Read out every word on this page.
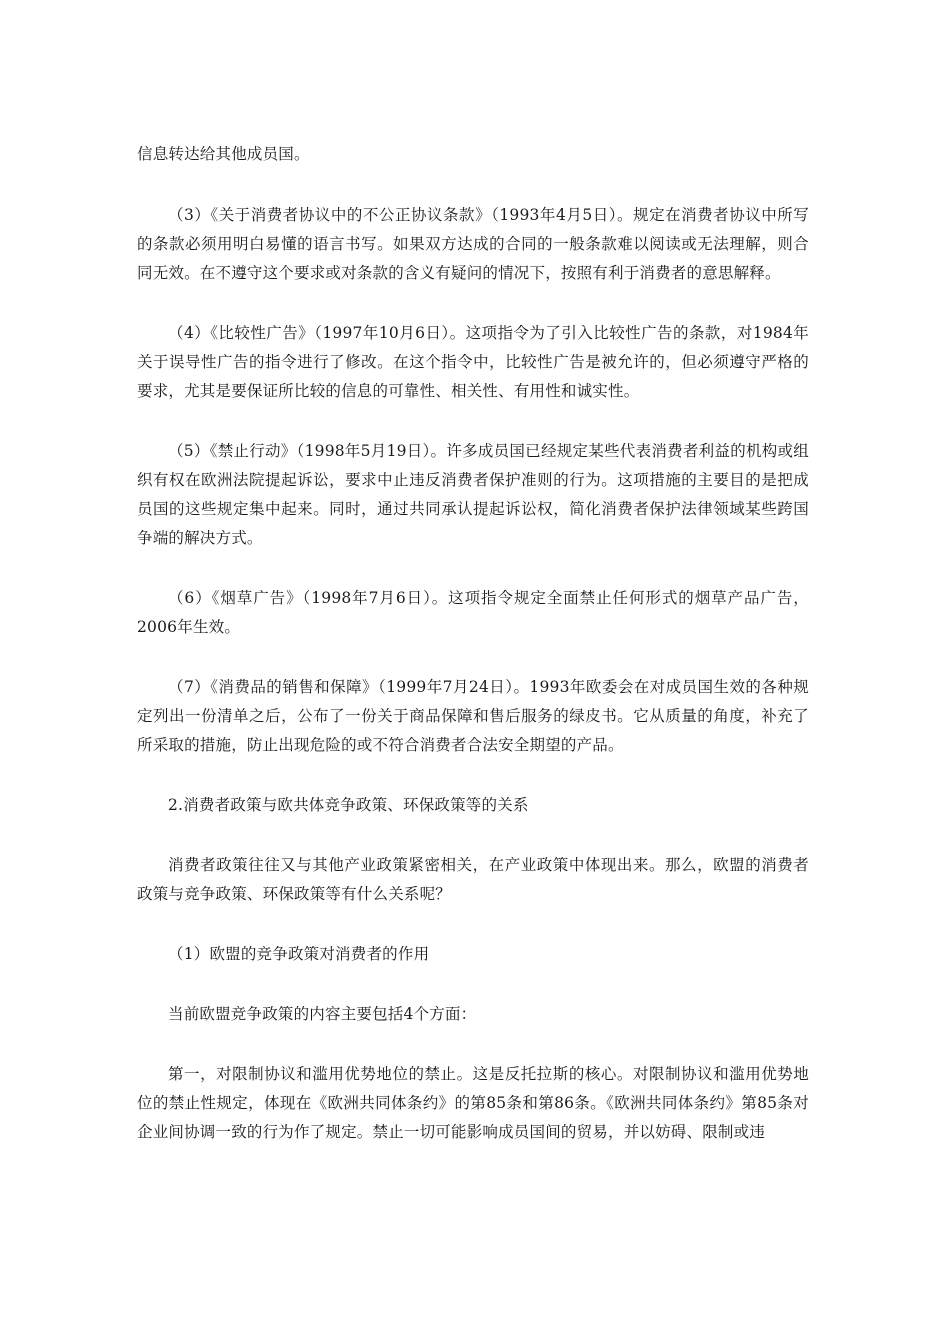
信息转达给其他成员国。

（3）《关于消费者协议中的不公正协议条款》（1993年4月5日）。规定在消费者协议中所写的条款必须用明白易懂的语言书写。如果双方达成的合同的一般条款难以阅读或无法理解，则合同无效。在不遵守这个要求或对条款的含义有疑问的情况下，按照有利于消费者的意思解释。

（4）《比较性广告》（1997年10月6日）。这项指令为了引入比较性广告的条款，对1984年关于误导性广告的指令进行了修改。在这个指令中，比较性广告是被允许的，但必须遵守严格的要求，尤其是要保证所比较的信息的可靠性、相关性、有用性和诚实性。

（5）《禁止行动》（1998年5月19日）。许多成员国已经规定某些代表消费者利益的机构或组织有权在欧洲法院提起诉讼，要求中止违反消费者保护准则的行为。这项措施的主要目的是把成员国的这些规定集中起来。同时，通过共同承认提起诉讼权，简化消费者保护法律领域某些跨国争端的解决方式。

（6）《烟草广告》（1998年7月6日）。这项指令规定全面禁止任何形式的烟草产品广告，2006年生效。

（7）《消费品的销售和保障》（1999年7月24日）。1993年欧委会在对成员国生效的各种规定列出一份清单之后，公布了一份关于商品保障和售后服务的绿皮书。它从质量的角度，补充了所采取的措施，防止出现危险的或不符合消费者合法安全期望的产品。

2.消费者政策与欧共体竞争政策、环保政策等的关系

消费者政策往往又与其他产业政策紧密相关，在产业政策中体现出来。那么，欧盟的消费者政策与竞争政策、环保政策等有什么关系呢？

（1）欧盟的竞争政策对消费者的作用

当前欧盟竞争政策的内容主要包括4个方面：

第一，对限制协议和滥用优势地位的禁止。这是反托拉斯的核心。对限制协议和滥用优势地位的禁止性规定，体现在《欧洲共同体条约》的第85条和第86条。《欧洲共同体条约》第85条对企业间协调一致的行为作了规定。禁止一切可能影响成员国间的贸易，并以妨碍、限制或违
